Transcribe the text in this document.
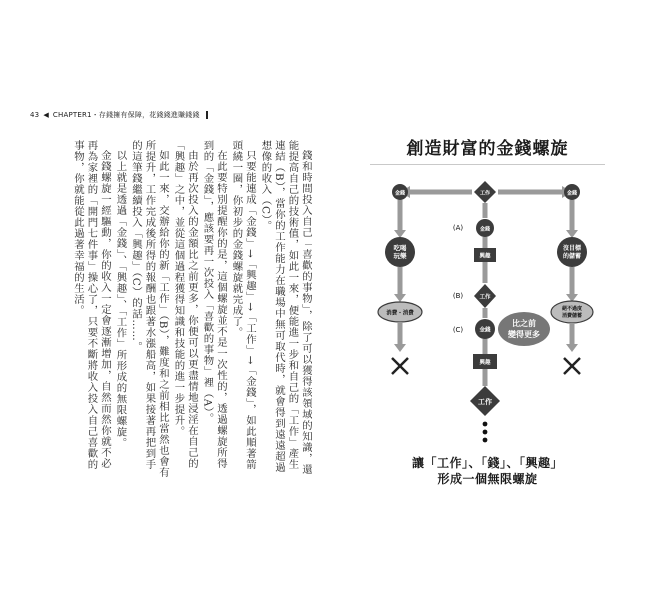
43 ◀ CHAPTER1・存錢擁有保障，花錢錢進賺錢錢

錢和時間投入自己「喜歡的事物」，除了可以獲得該領域的知識，還能提高自己的技術值，如此一來，便能進一步和自己的「工作」產生連結（B），當你的工作能力在職場中無可取代時，就會得到遠遠超過想像的收入（C）。

只要能連成「金錢」→「興趣」→「工作」→「金錢」，如此順著箭頭繞一圈，你初步的金錢螺旋就完成了。

在此要特別提醒你的是，這個螺旋並不是一次性的，透過螺旋所得到的「金錢」，應該要再一次投入「喜歡的事物」裡（A）。

由於再次投入的金額比之前更多，你便可以更盡情地浸淫在自己的「興趣」之中，並從這個過程獲得知識和技能的進一步提升。

如此一來，交辦給你的新「工作」（B），難度和之前相比當然也會有所提升，工作完成後所得的報酬也跟著水漲船高，如果接著再把到手的這筆錢繼續投入「興趣」（C）的話……。

以上就是透過「金錢」、「興趣」、「工作」所形成的無限螺旋。

金錢螺旋一經驅動，你的收入一定會逐漸增加，自然而然你就不必再為家裡的「開門七件事」操心了，只要不斷將收入投入自己喜歡的事物，你就能從此過著幸福的生活。	創造財富的金錢螺旋
金錢
吃喝
玩樂
消費・消費
金錢
沒目標
的儲蓄
絕不過度
消費儲蓄
工作
(A)	金錢
興趣
(B)	工作
(C)	金錢
比之前
變得更多
興趣
工作
讓「工作」、「錢」、「興趣」
形成一個無限螺旋
